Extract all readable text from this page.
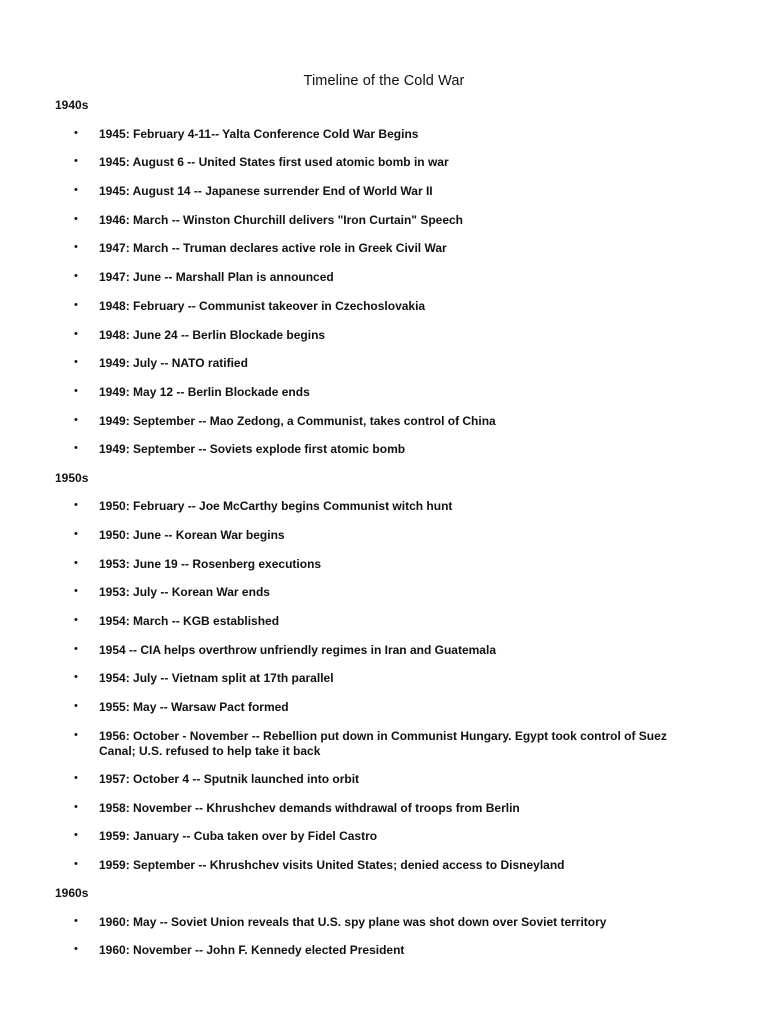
Timeline of the Cold War
1940s
• 1945: February 4-11-- Yalta Conference Cold War Begins
• 1945: August 6 -- United States first used atomic bomb in war
• 1945: August 14 -- Japanese surrender End of World War II
• 1946: March -- Winston Churchill delivers "Iron Curtain" Speech
• 1947: March -- Truman declares active role in Greek Civil War
• 1947: June -- Marshall Plan is announced
• 1948: February -- Communist takeover in Czechoslovakia
• 1948: June 24 -- Berlin Blockade begins
• 1949: July -- NATO ratified
• 1949: May 12 -- Berlin Blockade ends
• 1949: September -- Mao Zedong, a Communist, takes control of China
• 1949: September -- Soviets explode first atomic bomb
1950s
• 1950: February -- Joe McCarthy begins Communist witch hunt
• 1950: June -- Korean War begins
• 1953: June 19 -- Rosenberg executions
• 1953: July -- Korean War ends
• 1954: March -- KGB established
• 1954 -- CIA helps overthrow unfriendly regimes in Iran and Guatemala
• 1954: July -- Vietnam split at 17th parallel
• 1955: May -- Warsaw Pact formed
• 1956: October - November -- Rebellion put down in Communist Hungary. Egypt took control of Suez Canal; U.S. refused to help take it back
• 1957: October 4 -- Sputnik launched into orbit
• 1958: November -- Khrushchev demands withdrawal of troops from Berlin
• 1959: January -- Cuba taken over by Fidel Castro
• 1959: September -- Khrushchev visits United States; denied access to Disneyland
1960s
• 1960: May -- Soviet Union reveals that U.S. spy plane was shot down over Soviet territory
• 1960: November -- John F. Kennedy elected President
